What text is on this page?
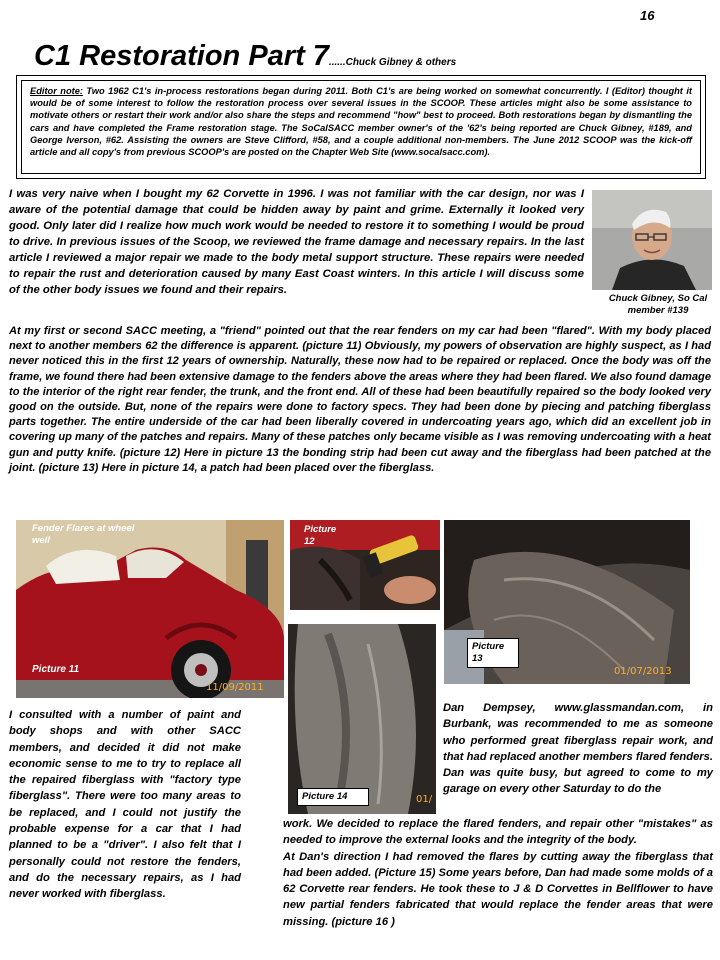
16
C1 Restoration Part 7......Chuck Gibney & others
Editor note: Two 1962 C1's in-process restorations began during 2011. Both C1's are being worked on somewhat concurrently. I (Editor) thought it would be of some interest to follow the restoration process over several issues in the SCOOP. These articles might also be some assistance to motivate others or restart their work and/or also share the steps and recommend "how" best to proceed. Both restorations began by dismantling the cars and have completed the Frame restoration stage. The SoCalSACC member owner's of the '62's being reported are Chuck Gibney, #189, and George Iverson, #62. Assisting the owners are Steve Clifford, #58, and a couple additional non-members. The June 2012 SCOOP was the kick-off article and all copy's from previous SCOOP's are posted on the Chapter Web Site (www.socalsacc.com).
I was very naive when I bought my 62 Corvette in 1996. I was not familiar with the car design, nor was I aware of the potential damage that could be hidden away by paint and grime. Externally it looked very good. Only later did I realize how much work would be needed to restore it to something I would be proud to drive. In previous issues of the Scoop, we reviewed the frame damage and necessary repairs. In the last article I reviewed a major repair we made to the body metal support structure. These repairs were needed to repair the rust and deterioration caused by many East Coast winters. In this article I will discuss some of the other body issues we found and their repairs.
Chuck Gibney, So Cal member #139
At my first or second SACC meeting, a "friend" pointed out that the rear fenders on my car had been "flared". With my body placed next to another members 62 the difference is apparent. (picture 11) Obviously, my powers of observation are highly suspect, as I had never noticed this in the first 12 years of ownership. Naturally, these now had to be repaired or replaced. Once the body was off the frame, we found there had been extensive damage to the fenders above the areas where they had been flared. We also found damage to the interior of the right rear fender, the trunk, and the front end. All of these had been beautifully repaired so the body looked very good on the outside. But, none of the repairs were done to factory specs. They had been done by piecing and patching fiberglass parts together. The entire underside of the car had been liberally covered in undercoating years ago, which did an excellent job in covering up many of the patches and repairs. Many of these patches only became visible as I was removing undercoating with a heat gun and putty knife. (picture 12) Here in picture 13 the bonding strip had been cut away and the fiberglass had been patched at the joint. (picture 13) Here in picture 14, a patch had been placed over the fiberglass.
Fender Flares at wheel well
Picture 11
11/09/2011
Picture 12
Picture 13
01/07/2013
Picture 14	01/
I consulted with a number of paint and body shops and with other SACC members, and decided it did not make economic sense to me to try to replace all the repaired fiberglass with "factory type fiberglass". There were too many areas to be replaced, and I could not justify the probable expense for a car that I had planned to be a "driver". I also felt that I personally could not restore the fenders, and do the necessary repairs, as I had never worked with fiberglass.
Dan Dempsey, www.glassmandan.com, in Burbank, was recommended to me as someone who performed great fiberglass repair work, and that had replaced another members flared fenders. Dan was quite busy, but agreed to come to my garage on every other Saturday to do the
work. We decided to replace the flared fenders, and repair other "mistakes" as needed to improve the external looks and the integrity of the body.
At Dan's direction I had removed the flares by cutting away the fiberglass that had been added. (Picture 15) Some years before, Dan had made some molds of a 62 Corvette rear fenders. He took these to J & D Corvettes in Bellflower to have new partial fenders fabricated that would replace the fender areas that were missing. (picture 16 )
